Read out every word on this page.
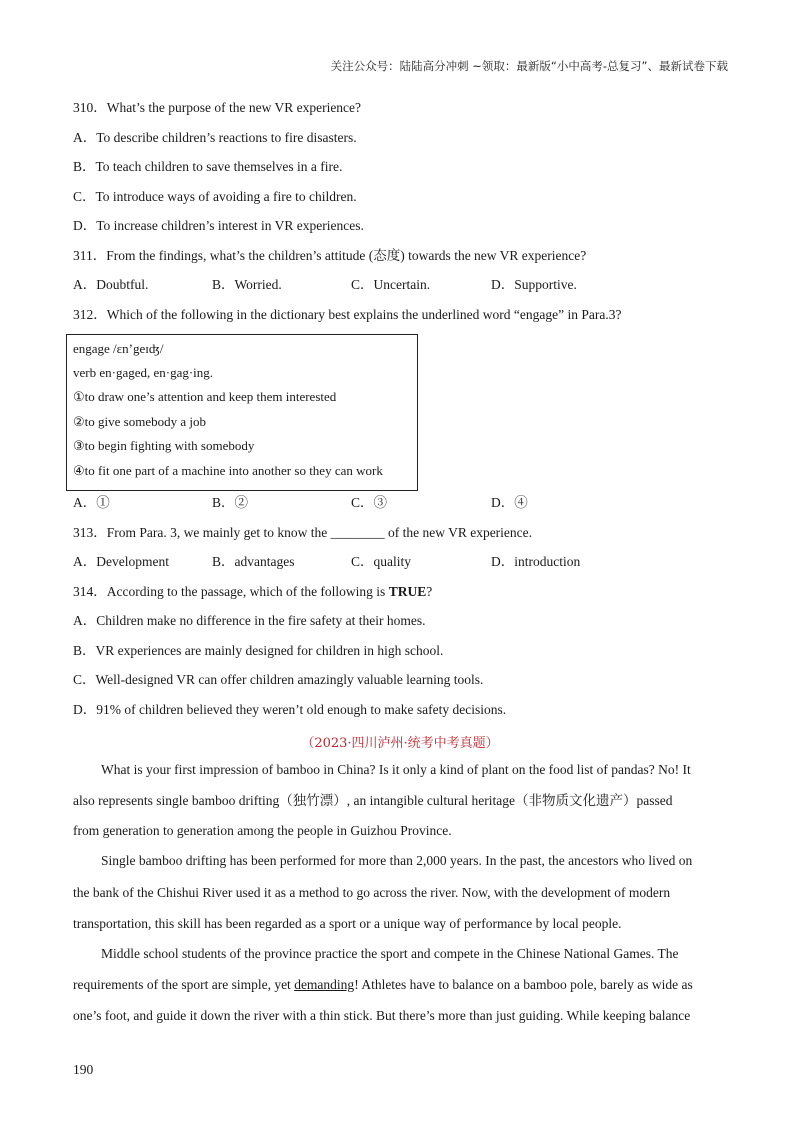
关注公众号：陆陆高分冲刺 ~领取：最新版“小中高考-总复习”、最新试卷下载
310．What’s the purpose of the new VR experience?
A．To describe children’s reactions to fire disasters.
B．To teach children to save themselves in a fire.
C．To introduce ways of avoiding a fire to children.
D．To increase children’s interest in VR experiences.
311．From the findings, what’s the children’s attitude (态度) towards the new VR experience?
A．Doubtful.	B．Worried.	C．Uncertain.	D．Supportive.
312．Which of the following in the dictionary best explains the underlined word “engage” in Para.3?
engage /ɛn’geɪʤ/
verb en·gaged, en·gag·ing.
①to draw one’s attention and keep them interested
②to give somebody a job
③to begin fighting with somebody
④to fit one part of a machine into another so they can work
A．①	B．②	C．③	D．④
313．From Para. 3, we mainly get to know the ________ of the new VR experience.
A．Development	B．advantages	C．quality	D．introduction
314．According to the passage, which of the following is TRUE?
A．Children make no difference in the fire safety at their homes.
B．VR experiences are mainly designed for children in high school.
C．Well-designed VR can offer children amazingly valuable learning tools.
D．91% of children believed they weren’t old enough to make safety decisions.
（2023·四川泸州·统考中考真题）
What is your first impression of bamboo in China? Is it only a kind of plant on the food list of pandas? No! It
also represents single bamboo drifting（独竹漂）, an intangible cultural heritage（非物质文化遗产）passed
from generation to generation among the people in Guizhou Province.
Single bamboo drifting has been performed for more than 2,000 years. In the past, the ancestors who lived on
the bank of the Chishui River used it as a method to go across the river. Now, with the development of modern
transportation, this skill has been regarded as a sport or a unique way of performance by local people.
Middle school students of the province practice the sport and compete in the Chinese National Games. The
requirements of the sport are simple, yet demanding! Athletes have to balance on a bamboo pole, barely as wide as
one’s foot, and guide it down the river with a thin stick. But there’s more than just guiding. While keeping balance
190
